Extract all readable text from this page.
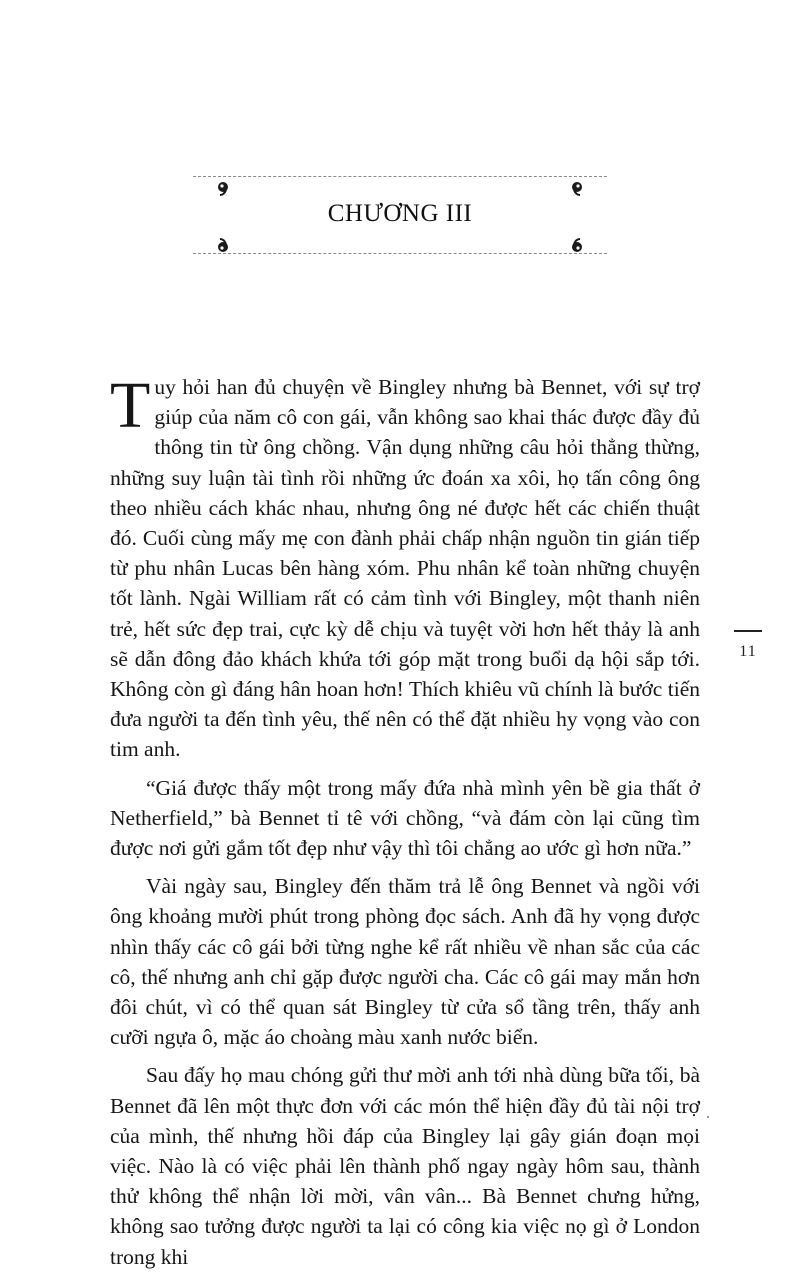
CHƯƠNG III

Tuy hỏi han đủ chuyện về Bingley nhưng bà Bennet, với sự trợ giúp của năm cô con gái, vẫn không sao khai thác được đầy đủ thông tin từ ông chồng. Vận dụng những câu hỏi thẳng thừng, những suy luận tài tình rồi những ức đoán xa xôi, họ tấn công ông theo nhiều cách khác nhau, nhưng ông né được hết các chiến thuật đó. Cuối cùng mấy mẹ con đành phải chấp nhận nguồn tin gián tiếp từ phu nhân Lucas bên hàng xóm. Phu nhân kể toàn những chuyện tốt lành. Ngài William rất có cảm tình với Bingley, một thanh niên trẻ, hết sức đẹp trai, cực kỳ dễ chịu và tuyệt vời hơn hết thảy là anh sẽ dẫn đông đảo khách khứa tới góp mặt trong buổi dạ hội sắp tới. Không còn gì đáng hân hoan hơn! Thích khiêu vũ chính là bước tiến đưa người ta đến tình yêu, thế nên có thể đặt nhiều hy vọng vào con tim anh.

“Giá được thấy một trong mấy đứa nhà mình yên bề gia thất ở Netherfield,” bà Bennet tỉ tê với chồng, “và đám còn lại cũng tìm được nơi gửi gắm tốt đẹp như vậy thì tôi chẳng ao ước gì hơn nữa.”

Vài ngày sau, Bingley đến thăm trả lễ ông Bennet và ngồi với ông khoảng mười phút trong phòng đọc sách. Anh đã hy vọng được nhìn thấy các cô gái bởi từng nghe kể rất nhiều về nhan sắc của các cô, thế nhưng anh chỉ gặp được người cha. Các cô gái may mắn hơn đôi chút, vì có thể quan sát Bingley từ cửa sổ tầng trên, thấy anh cưỡi ngựa ô, mặc áo choàng màu xanh nước biển.

Sau đấy họ mau chóng gửi thư mời anh tới nhà dùng bữa tối, bà Bennet đã lên một thực đơn với các món thể hiện đầy đủ tài nội trợ của mình, thế nhưng hồi đáp của Bingley lại gây gián đoạn mọi việc. Nào là có việc phải lên thành phố ngay ngày hôm sau, thành thử không thể nhận lời mời, vân vân... Bà Bennet chưng hửng, không sao tưởng được người ta lại có công kia việc nọ gì ở London trong khi

11
